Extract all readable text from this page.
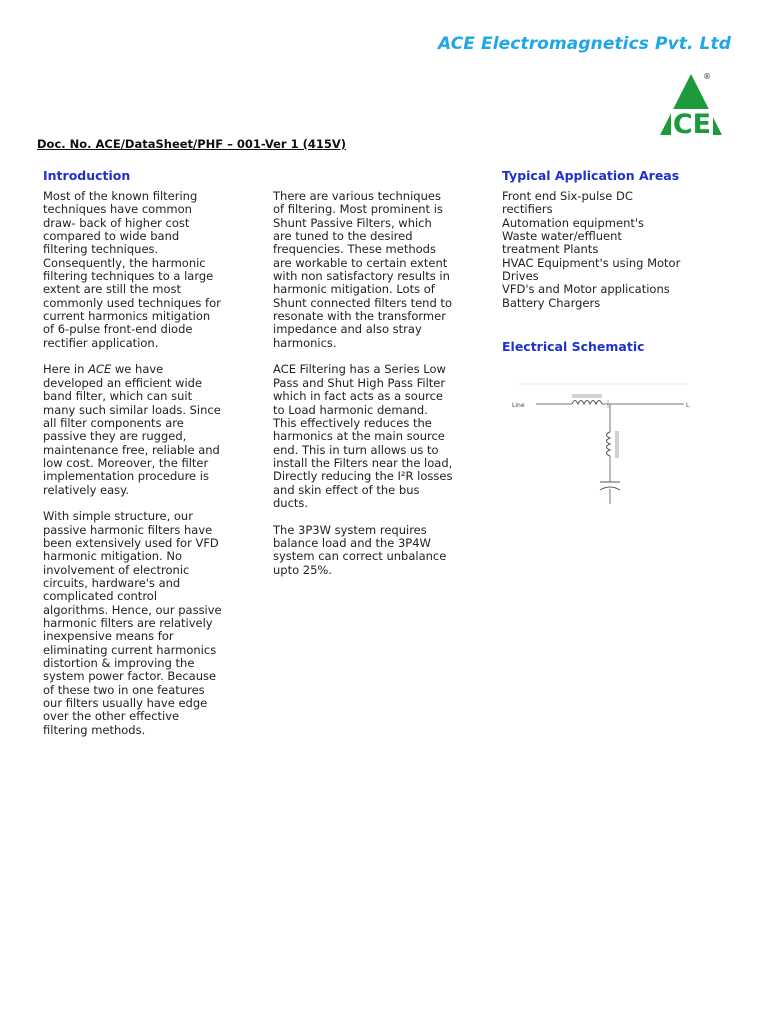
ACE Electromagnetics Pvt. Ltd
CE
®
Doc. No. ACE/DataSheet/PHF – 001-Ver 1 (415V)
Introduction	Typical Application Areas
Electrical Schematic

Most of the known filtering
techniques have common
draw- back of higher cost
compared to wide band
filtering techniques.
Consequently, the harmonic
filtering techniques to a large
extent are still the most
commonly used techniques for
current harmonics mitigation
of 6-pulse front-end diode
rectifier application.

Here in ACE we have
developed an efficient wide
band filter, which can suit
many such similar loads. Since
all filter components are
passive they are rugged,
maintenance free, reliable and
low cost. Moreover, the filter
implementation procedure is
relatively easy.

With simple structure, our
passive harmonic filters have
been extensively used for VFD
harmonic mitigation. No
involvement of electronic
circuits, hardware's and
complicated control
algorithms. Hence, our passive
harmonic filters are relatively
inexpensive means for
eliminating current harmonics
distortion & improving the
system power factor. Because
of these two in one features
our filters usually have edge
over the other effective
filtering methods.

There are various techniques
of filtering. Most prominent is
Shunt Passive Filters, which
are tuned to the desired
frequencies. These methods
are workable to certain extent
with non satisfactory results in
harmonic mitigation. Lots of
Shunt connected filters tend to
resonate with the transformer
impedance and also stray
harmonics.

ACE Filtering has a Series Low
Pass and Shut High Pass Filter
which in fact acts as a source
to Load harmonic demand.
This effectively reduces the
harmonics at the main source
end. This in turn allows us to
install the Filters near the load,
Directly reducing the I²R losses
and skin effect of the bus
ducts.

The 3P3W system requires
balance load and the 3P4W
system can correct unbalance
upto 25%.

Front end Six-pulse DC
rectifiers
Automation equipment's
Waste water/effluent
treatment Plants
HVAC Equipment's using Motor
Drives
VFD's and Motor applications
Battery Chargers

Line	L
